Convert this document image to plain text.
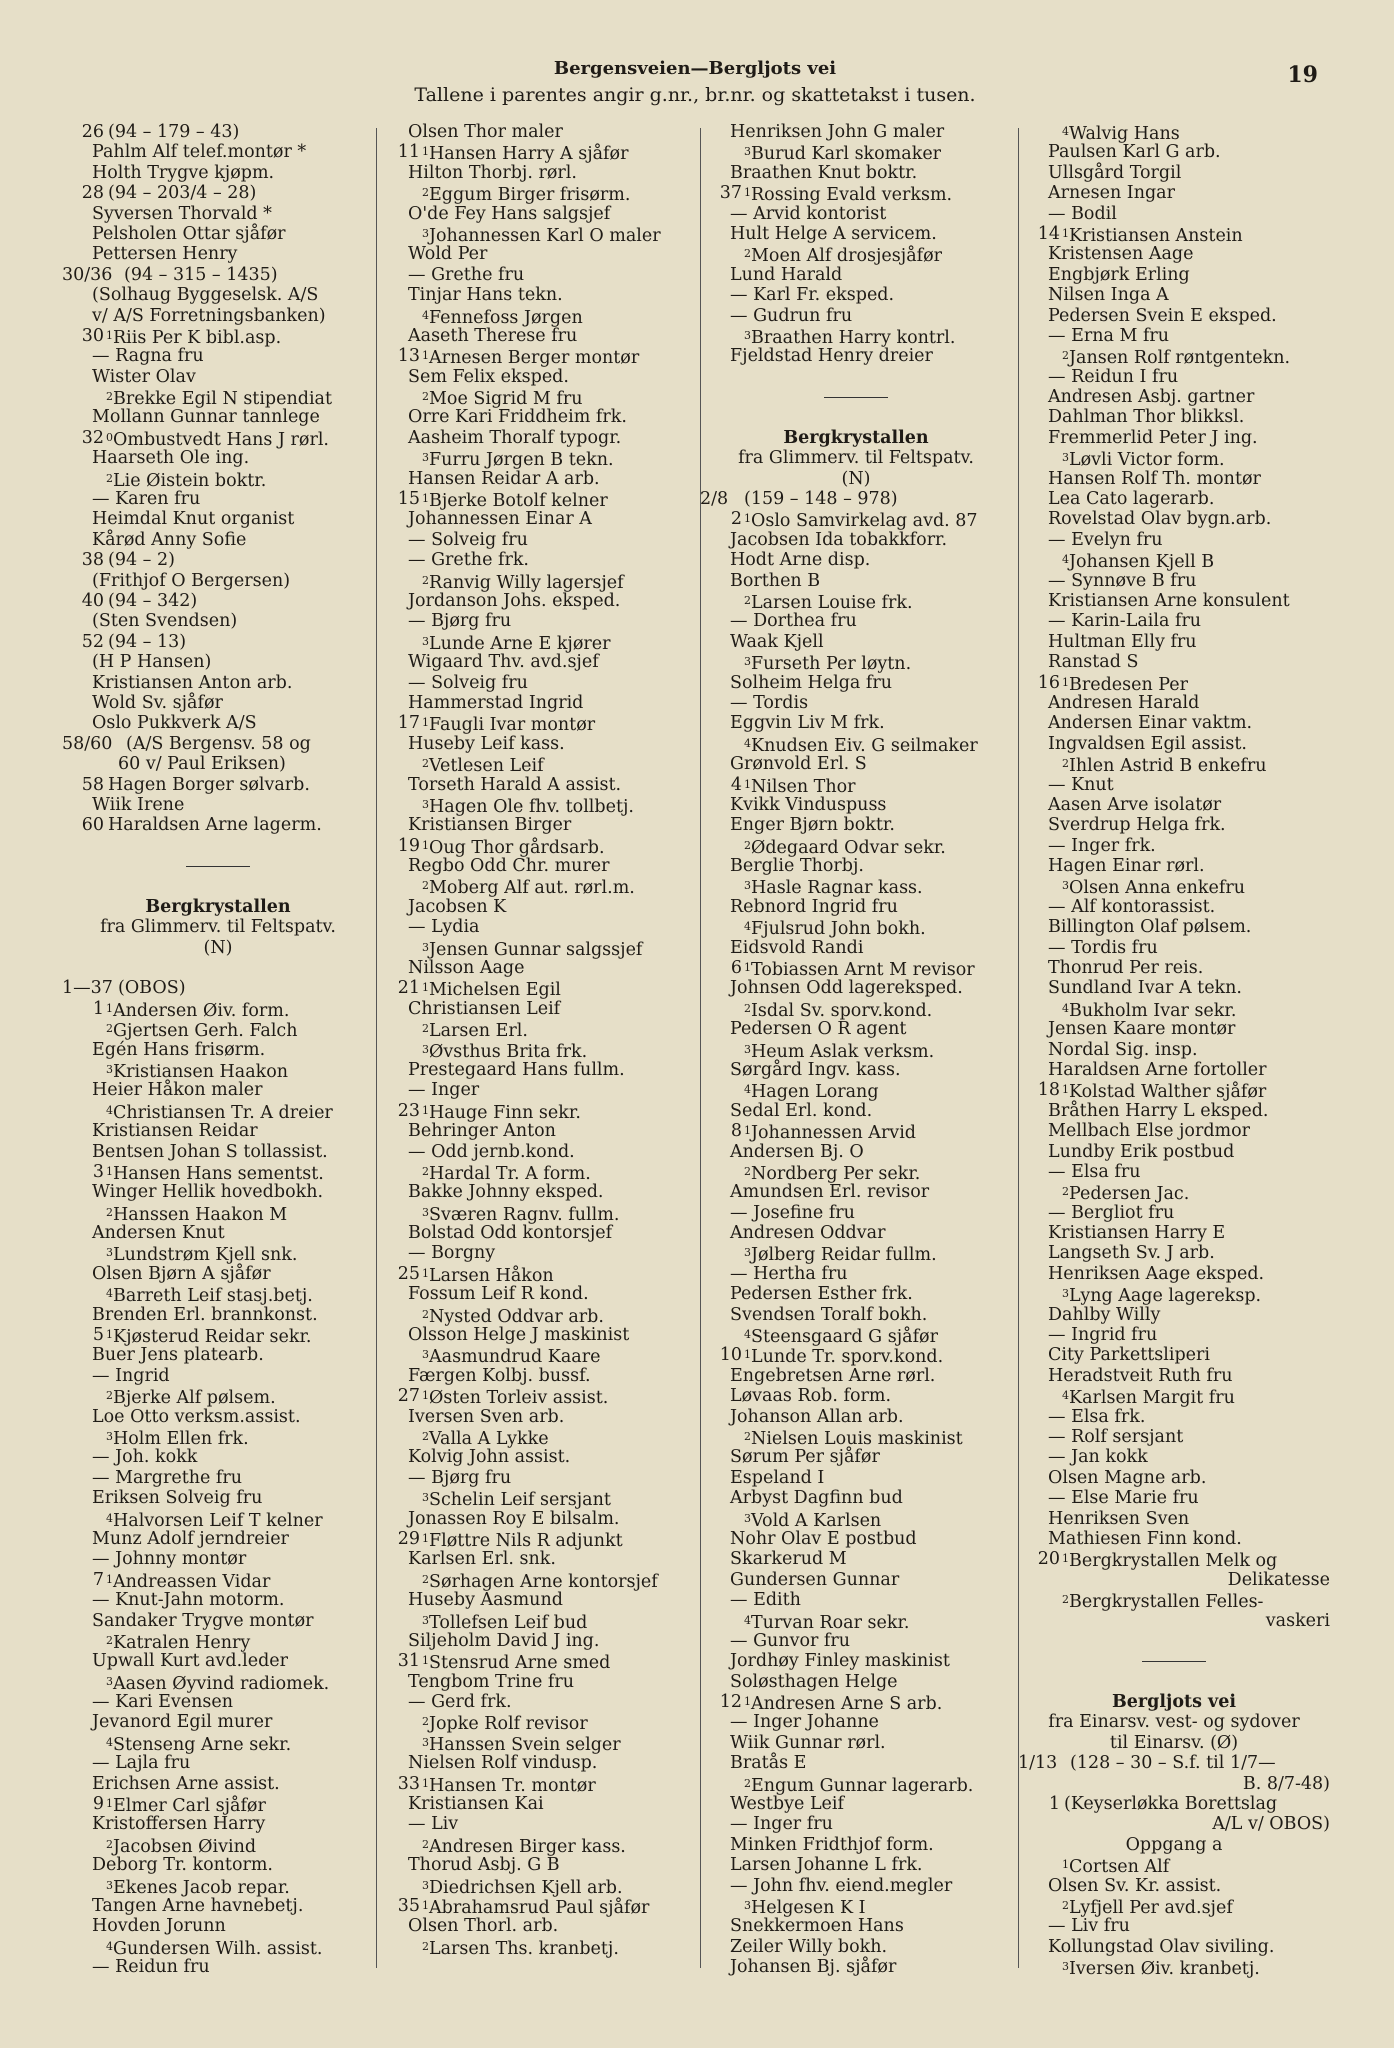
Bergensveien—Bergljots vei
Tallene i parentes angir g.nr., br.nr. og skattetakst i tusen.
19
26 (94 – 179 – 43)
Pahlm Alf telef.montør *
Holth Trygve kjøpm.
28 (94 – 203/4 – 28)
Syversen Thorvald *
Pelsholen Ottar sjåfør
Pettersen Henry
30/36 (94 – 315 – 1435)
(Solhaug Byggeselsk. A/S
v/ A/S Forretningsbanken)
30 $^1$Riis Per K bibl.asp.
— Ragna fru
Wister Olav
$^2$Brekke Egil N stipendiat
Mollann Gunnar tannlege
32 $^0$Ombustvedt Hans J rørl.
Haarseth Ole ing.
$^2$Lie Øistein boktr.
— Karen fru
Heimdal Knut organist
Kårød Anny Sofie
38 (94 – 2)
(Frithjof O Bergersen)
40 (94 – 342)
(Sten Svendsen)
52 (94 – 13)
(H P Hansen)
Kristiansen Anton arb.
Wold Sv. sjåfør
Oslo Pukkverk A/S
58/60 (A/S Bergensv. 58 og
60 v/ Paul Eriksen)
58 Hagen Borger sølvarb.
Wiik Irene
60 Haraldsen Arne lagerm.
Bergkrystallen
fra Glimmerv. til Feltspatv.
(N)
1—37 (OBOS)
1 $^1$Andersen Øiv. form.
$^2$Gjertsen Gerh. Falch
Egén Hans frisørm.
$^3$Kristiansen Haakon
Heier Håkon maler
$^4$Christiansen Tr. A dreier
Kristiansen Reidar
Bentsen Johan S tollassist.
3 $^1$Hansen Hans sementst.
Winger Hellik hovedbokh.
$^2$Hanssen Haakon M
Andersen Knut
$^3$Lundstrøm Kjell snk.
Olsen Bjørn A sjåfør
$^4$Barreth Leif stasj.betj.
Brenden Erl. brannkonst.
5 $^1$Kjøsterud Reidar sekr.
Buer Jens platearb.
— Ingrid
$^2$Bjerke Alf pølsem.
Loe Otto verksm.assist.
$^3$Holm Ellen frk.
— Joh. kokk
— Margrethe fru
Eriksen Solveig fru
$^4$Halvorsen Leif T kelner
Munz Adolf jerndreier
— Johnny montør
7 $^1$Andreassen Vidar
— Knut-Jahn motorm.
Sandaker Trygve montør
$^2$Katralen Henry
Upwall Kurt avd.leder
$^3$Aasen Øyvind radiomek.
— Kari Evensen
Jevanord Egil murer
$^4$Stenseng Arne sekr.
— Lajla fru
Erichsen Arne assist.
9 $^1$Elmer Carl sjåfør
Kristoffersen Harry
$^2$Jacobsen Øivind
Deborg Tr. kontorm.
$^3$Ekenes Jacob repar.
Tangen Arne havnebetj.
Hovden Jorunn
$^4$Gundersen Wilh. assist.
— Reidun fru
Olsen Thor maler
11 $^1$Hansen Harry A sjåfør
Hilton Thorbj. rørl.
$^2$Eggum Birger frisørm.
O'de Fey Hans salgsjef
$^3$Johannessen Karl O maler
Wold Per
— Grethe fru
Tinjar Hans tekn.
$^4$Fennefoss Jørgen
Aaseth Therese fru
13 $^1$Arnesen Berger montør
Sem Felix eksped.
$^2$Moe Sigrid M fru
Orre Kari Friddheim frk.
Aasheim Thoralf typogr.
$^3$Furru Jørgen B tekn.
Hansen Reidar A arb.
15 $^1$Bjerke Botolf kelner
Johannessen Einar A
— Solveig fru
— Grethe frk.
$^2$Ranvig Willy lagersjef
Jordanson Johs. eksped.
— Bjørg fru
$^3$Lunde Arne E kjører
Wigaard Thv. avd.sjef
— Solveig fru
Hammerstad Ingrid
17 $^1$Faugli Ivar montør
Huseby Leif kass.
$^2$Vetlesen Leif
Torseth Harald A assist.
$^3$Hagen Ole fhv. tollbetj.
Kristiansen Birger
19 $^1$Oug Thor gårdsarb.
Regbo Odd Chr. murer
$^2$Moberg Alf aut. rørl.m.
Jacobsen K
— Lydia
$^3$Jensen Gunnar salgssjef
Nilsson Aage
21 $^1$Michelsen Egil
Christiansen Leif
$^2$Larsen Erl.
$^3$Øvsthus Brita frk.
Prestegaard Hans fullm.
— Inger
23 $^1$Hauge Finn sekr.
Behringer Anton
— Odd jernb.kond.
$^2$Hardal Tr. A form.
Bakke Johnny eksped.
$^3$Sværen Ragnv. fullm.
Bolstad Odd kontorsjef
— Borgny
25 $^1$Larsen Håkon
Fossum Leif R kond.
$^2$Nysted Oddvar arb.
Olsson Helge J maskinist
$^3$Aasmundrud Kaare
Færgen Kolbj. bussf.
27 $^1$Østen Torleiv assist.
Iversen Sven arb.
$^2$Valla A Lykke
Kolvig John assist.
— Bjørg fru
$^3$Schelin Leif sersjant
Jonassen Roy E bilsalm.
29 $^1$Fløttre Nils R adjunkt
Karlsen Erl. snk.
$^2$Sørhagen Arne kontorsjef
Huseby Aasmund
$^3$Tollefsen Leif bud
Siljeholm David J ing.
31 $^1$Stensrud Arne smed
Tengbom Trine fru
— Gerd frk.
$^2$Jopke Rolf revisor
$^3$Hanssen Svein selger
Nielsen Rolf vindusp.
33 $^1$Hansen Tr. montør
Kristiansen Kai
— Liv
$^2$Andresen Birger kass.
Thorud Asbj. G B
$^3$Diedrichsen Kjell arb.
35 $^1$Abrahamsrud Paul sjåfør
Olsen Thorl. arb.
$^2$Larsen Ths. kranbetj.
Henriksen John G maler
$^3$Burud Karl skomaker
Braathen Knut boktr.
37 $^1$Rossing Evald verksm.
— Arvid kontorist
Hult Helge A servicem.
$^2$Moen Alf drosjesjåfør
Lund Harald
— Karl Fr. eksped.
— Gudrun fru
$^3$Braathen Harry kontrl.
Fjeldstad Henry dreier
Bergkrystallen
fra Glimmerv. til Feltspatv.
(N)
2/8 (159 – 148 – 978)
2 $^1$Oslo Samvirkelag avd. 87
Jacobsen Ida tobakkforr.
Hodt Arne disp.
Borthen B
$^2$Larsen Louise frk.
— Dorthea fru
Waak Kjell
$^3$Furseth Per løytn.
Solheim Helga fru
— Tordis
Eggvin Liv M frk.
$^4$Knudsen Eiv. G seilmaker
Grønvold Erl. S
4 $^1$Nilsen Thor
Kvikk Vinduspuss
Enger Bjørn boktr.
$^2$Ødegaard Odvar sekr.
Berglie Thorbj.
$^3$Hasle Ragnar kass.
Rebnord Ingrid fru
$^4$Fjulsrud John bokh.
Eidsvold Randi
6 $^1$Tobiassen Arnt M revisor
Johnsen Odd lagereksped.
$^2$Isdal Sv. sporv.kond.
Pedersen O R agent
$^3$Heum Aslak verksm.
Sørgård Ingv. kass.
$^4$Hagen Lorang
Sedal Erl. kond.
8 $^1$Johannessen Arvid
Andersen Bj. O
$^2$Nordberg Per sekr.
Amundsen Erl. revisor
— Josefine fru
Andresen Oddvar
$^3$Jølberg Reidar fullm.
— Hertha fru
Pedersen Esther frk.
Svendsen Toralf bokh.
$^4$Steensgaard G sjåfør
10 $^1$Lunde Tr. sporv.kond.
Engebretsen Arne rørl.
Løvaas Rob. form.
Johanson Allan arb.
$^2$Nielsen Louis maskinist
Sørum Per sjåfør
Espeland I
Arbyst Dagfinn bud
$^3$Vold A Karlsen
Nohr Olav E postbud
Skarkerud M
Gundersen Gunnar
— Edith
$^4$Turvan Roar sekr.
— Gunvor fru
Jordhøy Finley maskinist
Soløsthagen Helge
12 $^1$Andresen Arne S arb.
— Inger Johanne
Wiik Gunnar rørl.
Bratås E
$^2$Engum Gunnar lagerarb.
Westbye Leif
— Inger fru
Minken Fridthjof form.
Larsen Johanne L frk.
— John fhv. eiend.megler
$^3$Helgesen K I
Snekkermoen Hans
Zeiler Willy bokh.
Johansen Bj. sjåfør
$^4$Walvig Hans
Paulsen Karl G arb.
Ullsgård Torgil
Arnesen Ingar
— Bodil
14 $^1$Kristiansen Anstein
Kristensen Aage
Engbjørk Erling
Nilsen Inga A
Pedersen Svein E eksped.
— Erna M fru
$^2$Jansen Rolf røntgentekn.
— Reidun I fru
Andresen Asbj. gartner
Dahlman Thor blikksl.
Fremmerlid Peter J ing.
$^3$Løvli Victor form.
Hansen Rolf Th. montør
Lea Cato lagerarb.
Rovelstad Olav bygn.arb.
— Evelyn fru
$^4$Johansen Kjell B
— Synnøve B fru
Kristiansen Arne konsulent
— Karin-Laila fru
Hultman Elly fru
Ranstad S
16 $^1$Bredesen Per
Andresen Harald
Andersen Einar vaktm.
Ingvaldsen Egil assist.
$^2$Ihlen Astrid B enkefru
— Knut
Aasen Arve isolatør
Sverdrup Helga frk.
— Inger frk.
Hagen Einar rørl.
$^3$Olsen Anna enkefru
— Alf kontorassist.
Billington Olaf pølsem.
— Tordis fru
Thonrud Per reis.
Sundland Ivar A tekn.
$^4$Bukholm Ivar sekr.
Jensen Kaare montør
Nordal Sig. insp.
Haraldsen Arne fortoller
18 $^1$Kolstad Walther sjåfør
Bråthen Harry L eksped.
Mellbach Else jordmor
Lundby Erik postbud
— Elsa fru
$^2$Pedersen Jac.
— Bergliot fru
Kristiansen Harry E
Langseth Sv. J arb.
Henriksen Aage eksped.
$^3$Lyng Aage lagereksp.
Dahlby Willy
— Ingrid fru
City Parkettsliperi
Heradstveit Ruth fru
$^4$Karlsen Margit fru
— Elsa frk.
— Rolf sersjant
— Jan kokk
Olsen Magne arb.
— Else Marie fru
Henriksen Sven
Mathiesen Finn kond.
20 $^1$Bergkrystallen Melk og
Delikatesse
$^2$Bergkrystallen Felles-
vaskeri
Bergljots vei
fra Einarsv. vest- og sydover
til Einarsv. (Ø)
1/13 (128 – 30 – S.f. til 1/7—
B. 8/7-48)
1 (Keyserløkka Borettslag
A/L v/ OBOS)
Oppgang a
$^1$Cortsen Alf
Olsen Sv. Kr. assist.
$^2$Lyfjell Per avd.sjef
— Liv fru
Kollungstad Olav siviling.
$^3$Iversen Øiv. kranbetj.
